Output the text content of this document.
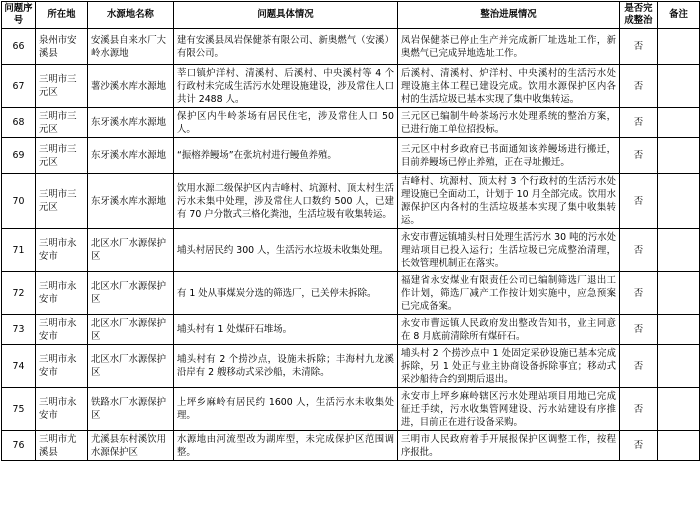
问题序号	所在地	水源地名称	问题具体情况	整治进展情况	是否完成整治	备注
66	泉州市安溪县	安溪县自来水厂大岭水源地	建有安溪县凤岩保健茶有限公司、新奥燃气（安溪）有限公司。	凤岩保健茶已停止生产并完成新厂址选址工作，新奥燃气已完成异地选址工作。	否	
67	三明市三元区	薯沙溪水库水源地	莘口镇炉洋村、清溪村、后溪村、中央溪村等 4 个行政村未完成生活污水处理设施建设，涉及常住人口共计 2488 人。	后溪村、清溪村、炉洋村、中央溪村的生活污水处理设施主体工程已建设完成。饮用水源保护区内各村的生活垃圾已基本实现了集中收集转运。	否	
68	三明市三元区	东牙溪水库水源地	保护区内牛岭茶场有居民住宅，涉及常住人口 50 人。	三元区已编制牛岭茶场污水处理系统的整治方案，已进行施工单位招投标。	否	
69	三明市三元区	东牙溪水库水源地	“振榕养鳗场”在张坑村进行鳗鱼养殖。	三元区中村乡政府已书面通知该养鳗场进行搬迁，目前养鳗场已停止养殖，正在寻址搬迁。	否	
70	三明市三元区	东牙溪水库水源地	饮用水源二级保护区内吉峰村、坑源村、顶太村生活污水未集中处理，涉及常住人口数约 500 人，已建有 70 户分散式三格化粪池，生活垃圾有收集转运。	吉峰村、坑源村、顶太村 3 个行政村的生活污水处理设施已全面动工，计划于 10 月全部完成。饮用水源保护区内各村的生活垃圾基本实现了集中收集转运。	否	
71	三明市永安市	北区水厂水源保护区	埔头村居民约 300 人，生活污水垃圾未收集处理。	永安市曹远镇埔头村日处理生活污水 30 吨的污水处理站项目已投入运行；生活垃圾已完成整治清理，长效管理机制正在落实。	否	
72	三明市永安市	北区水厂水源保护区	有 1 处从事煤炭分选的筛选厂，已关停未拆除。	福建省永安煤业有限责任公司已编制筛选厂退出工作计划，筛选厂减产工作按计划实施中，应急预案已完成备案。	否	
73	三明市永安市	北区水厂水源保护区	埔头村有 1 处煤矸石堆场。	永安市曹远镇人民政府发出整改告知书，业主同意在 8 月底前清除所有煤矸石。	否	
74	三明市永安市	北区水厂水源保护区	埔头村有 2 个捞沙点，设施未拆除；丰海村九龙溪沿岸有 2 艘移动式采沙船，未清除。	埔头村 2 个捞沙点中 1 处固定采砂设施已基本完成拆除，另 1 处正与业主协商设备拆除事宜；移动式采沙船待合约到期后退出。	否	
75	三明市永安市	铁路水厂水源保护区	上坪乡麻岭有居民约 1600 人，生活污水未收集处理。	永安市上坪乡麻岭辖区污水处理站项目用地已完成征迁手续，污水收集管网建设、污水站建设有序推进，目前正在进行设备采购。	否	
76	三明市尤溪县	尤溪县东村溪饮用水源保护区	水源地由河流型改为湖库型，未完成保护区范围调整。	三明市人民政府着手开展报保护区调整工作，按程序报批。	否	
